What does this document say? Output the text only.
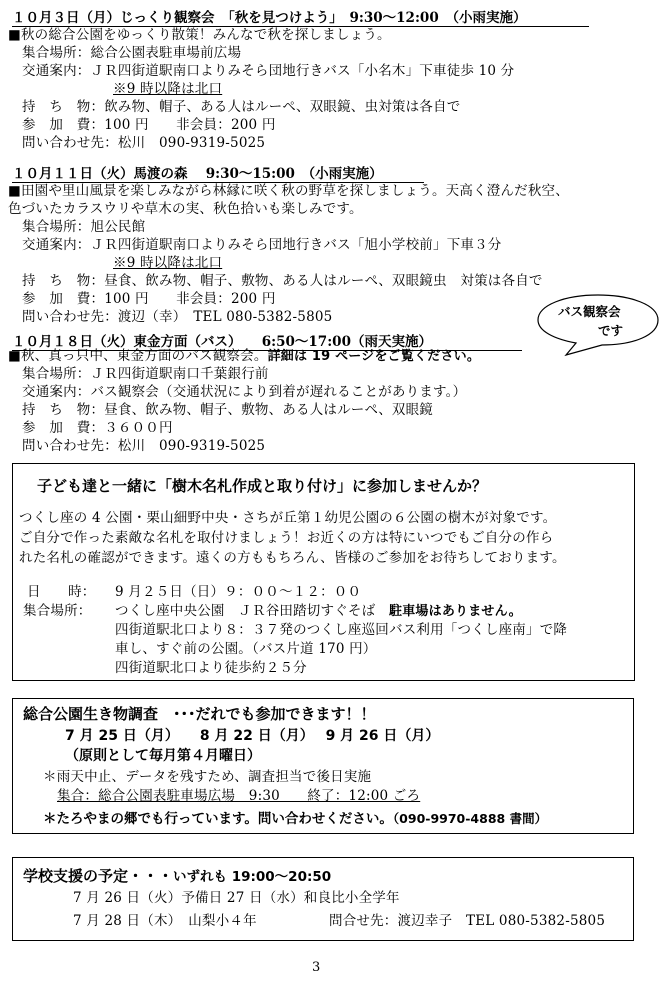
１０月３日（月）じっくり観察会　「秋を見つけよう」　9:30～12:00　（小雨実施）
■秋の総合公園をゆっくり散策！みんなで秋を探しましょう。
集合場所：総合公園表駐車場前広場
交通案内：ＪＲ四街道駅南口よりみそら団地行きバス「小名木」下車徒歩 10 分
※9 時以降は北口
持　ち　物：飲み物、帽子、ある人はルーペ、双眼鏡、虫対策は各自で
参　加　費：100 円　　非会員：200 円
問い合わせ先：松川　090-9319-5025
１０月１１日（火）馬渡の森　 9:30～15:00　（小雨実施）
■田園や里山風景を楽しみながら林縁に咲く秋の野草を探しましょう。天高く澄んだ秋空、
色づいたカラスウリや草木の実、秋色拾いも楽しみです。
集合場所：旭公民館
交通案内：ＪＲ四街道駅南口よりみそら団地行きバス「旭小学校前」下車３分
※9 時以降は北口
持　ち　物：昼食、飲み物、帽子、敷物、ある人はルーペ、双眼鏡虫　対策は各自で
参　加　費：100 円　　非会員：200 円
問い合わせ先：渡辺（幸）　TEL 080-5382-5805	バス観察会
です
１０月１８日（火）東金方面（バス）　　6:50～17:00（雨天実施）
■秋、真っ只中、東金方面のバス観察会。詳細は 19 ページをご覧ください。
集合場所：ＪＲ四街道駅南口千葉銀行前
交通案内：バス観察会（交通状況により到着が遅れることがあります。）
持　ち　物：昼食、飲み物、帽子、敷物、ある人はルーペ、双眼鏡
参　加　費：３６００円
問い合わせ先：松川　090-9319-5025
子ども達と一緒に「樹木名札作成と取り付け」に参加しませんか？
つくし座の 4 公園・栗山細野中央・さちが丘第１幼児公園の６公園の樹木が対象です。
ご自分で作った素敵な名札を取付けましょう！お近くの方は特にいつでもご自分の作ら
れた名札の確認ができます。遠くの方ももちろん、皆様のご参加をお待ちしております。
日　　時： 9 月２５日（日）９：００～１２：００
集合場所： つくし座中央公園　ＪＲ谷田踏切すぐそば　 駐車場はありません。
四街道駅北口より８：３７発のつくし座巡回バス利用「つくし座南」で降
車し、すぐ前の公園。（バス片道 170 円）
四街道駅北口より徒歩約２５分
総合公園生き物調査　･･･だれでも参加できます！！
7 月 25 日（月）　　8 月 22 日（月）　 9 月 26 日（月）
（原則として毎月第４月曜日）
＊雨天中止、データを残すため、調査担当で後日実施
集合：総合公園表駐車場広場　9:30　　終了：12:00 ごろ
＊たろやまの郷でも行っています。問い合わせください。（090-9970-4888 書間）
学校支援の予定・・・いずれも 19:00～20:50
7 月 26 日（火）予備日 27 日（水）和良比小全学年
7 月 28 日（木）　山梨小４年	問合せ先：渡辺幸子　TEL 080-5382-5805
3
